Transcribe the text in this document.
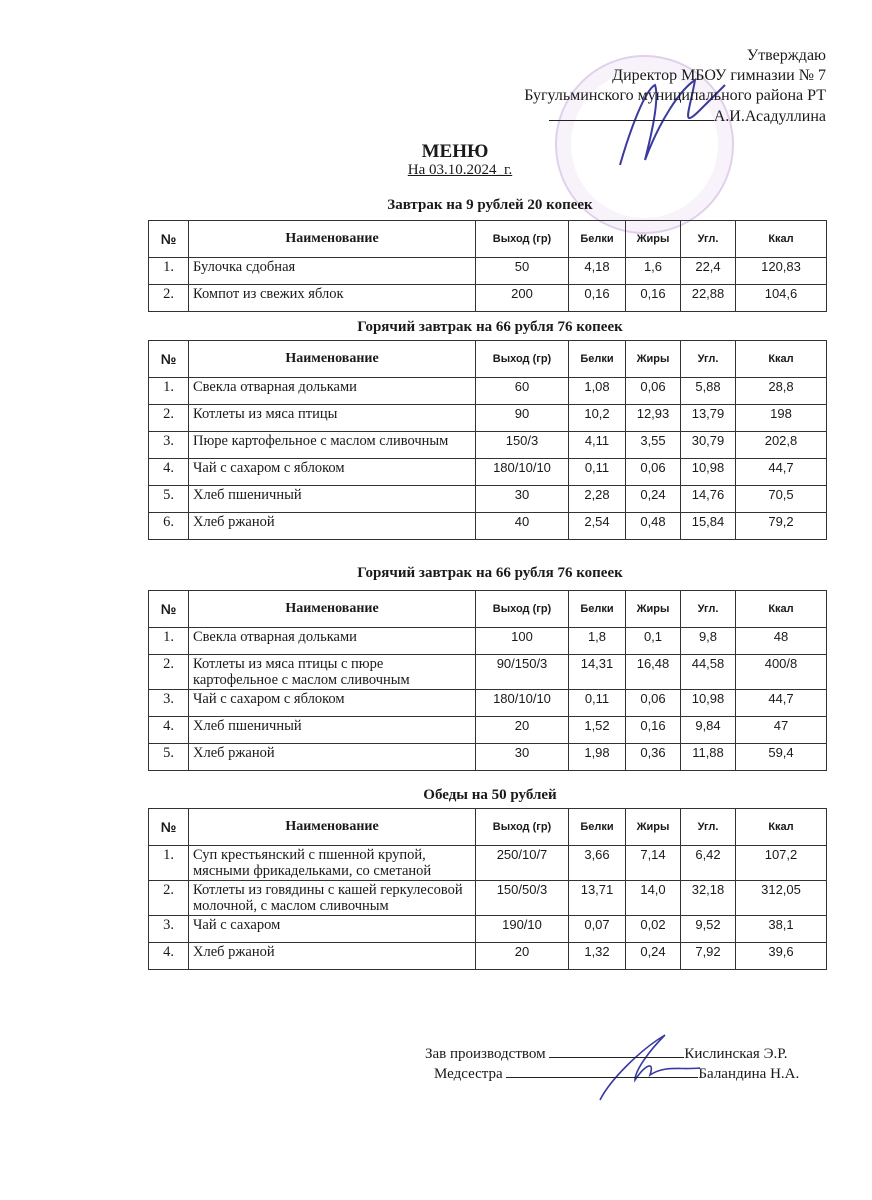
Утверждаю
Директор МБОУ гимназии № 7
Бугульминского муниципального района РТ
А.И.Асадуллина
МЕНЮ
На 03.10.2024_г.
Завтрак на 9 рублей 20 копеек
№	Наименование	Выход (гр)	Белки	Жиры	Угл.	Ккал
1.	Булочка сдобная	50	4,18	1,6	22,4	120,83
2.	Компот из свежих яблок	200	0,16	0,16	22,88	104,6
Горячий завтрак на 66 рубля 76 копеек
№	Наименование	Выход (гр)	Белки	Жиры	Угл.	Ккал
1.	Свекла отварная дольками	60	1,08	0,06	5,88	28,8
2.	Котлеты из мяса птицы	90	10,2	12,93	13,79	198
3.	Пюре картофельное с маслом сливочным	150/3	4,11	3,55	30,79	202,8
4.	Чай с сахаром с яблоком	180/10/10	0,11	0,06	10,98	44,7
5.	Хлеб пшеничный	30	2,28	0,24	14,76	70,5
6.	Хлеб ржаной	40	2,54	0,48	15,84	79,2
Горячий завтрак на 66 рубля 76 копеек
№	Наименование	Выход (гр)	Белки	Жиры	Угл.	Ккал
1.	Свекла отварная дольками	100	1,8	0,1	9,8	48
2.	Котлеты из мяса птицы с пюре картофельное с маслом сливочным	90/150/3	14,31	16,48	44,58	400/8
3.	Чай с сахаром с яблоком	180/10/10	0,11	0,06	10,98	44,7
4.	Хлеб пшеничный	20	1,52	0,16	9,84	47
5.	Хлеб ржаной	30	1,98	0,36	11,88	59,4
Обеды на 50 рублей
№	Наименование	Выход (гр)	Белки	Жиры	Угл.	Ккал
1.	Суп крестьянский с пшенной крупой, мясными фрикадельками, со сметаной	250/10/7	3,66	7,14	6,42	107,2
2.	Котлеты из говядины с кашей геркулесовой молочной, с маслом сливочным	150/50/3	13,71	14,0	32,18	312,05
3.	Чай с сахаром	190/10	0,07	0,02	9,52	38,1
4.	Хлеб ржаной	20	1,32	0,24	7,92	39,6
Зав производством	Кислинская Э.Р.
Медсестра	Баландина Н.А.
